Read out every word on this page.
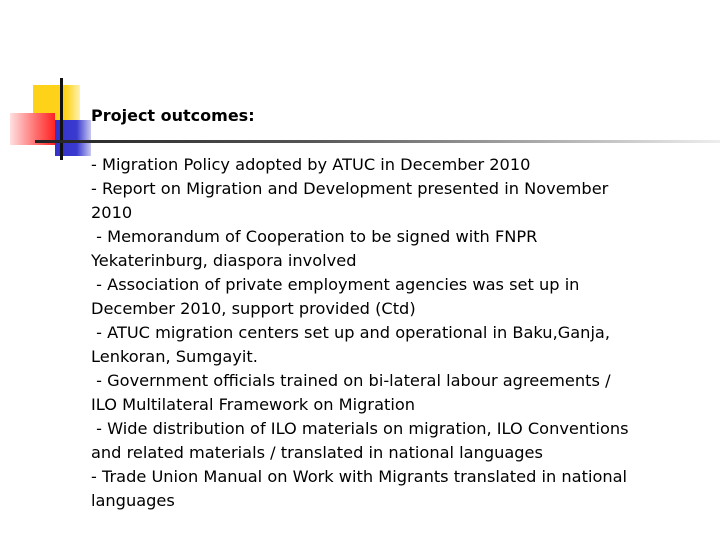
Project outcomes:
- Migration Policy adopted by ATUC in December 2010
- Report on Migration and Development presented in November
2010
- Memorandum of Cooperation to be signed with FNPR
Yekaterinburg, diaspora involved
- Association of private employment agencies was set up in
December 2010, support provided (Ctd)
- ATUC migration centers set up and operational in Baku,Ganja,
Lenkoran, Sumgayit.
- Government officials trained on bi-lateral labour agreements /
ILO Multilateral Framework on Migration
- Wide distribution of ILO materials on migration, ILO Conventions
and related materials / translated in national languages
- Trade Union Manual on Work with Migrants translated in national
languages
